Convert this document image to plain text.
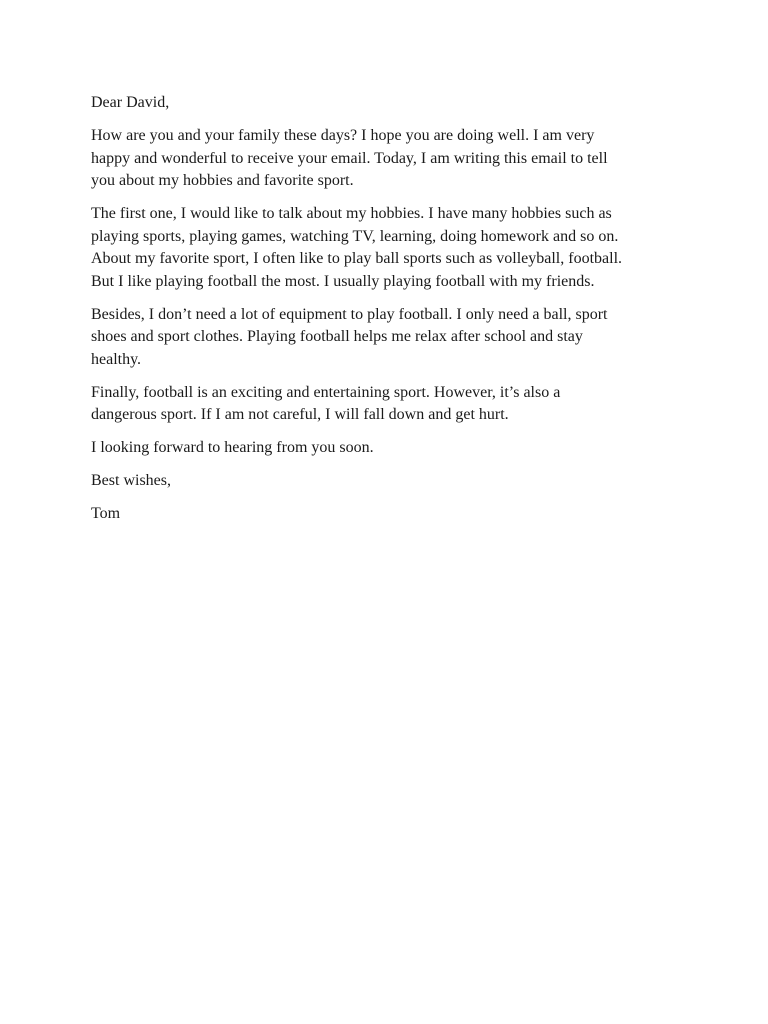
Dear David,

How are you and your family these days? I hope you are doing well. I am very
happy and wonderful to receive your email. Today, I am writing this email to tell
you about my hobbies and favorite sport.

The first one, I would like to talk about my hobbies. I have many hobbies such as
playing sports, playing games, watching TV, learning, doing homework and so on.
About my favorite sport, I often like to play ball sports such as volleyball, football.
But I like playing football the most. I usually playing football with my friends.

Besides, I don’t need a lot of equipment to play football. I only need a ball, sport
shoes and sport clothes. Playing football helps me relax after school and stay
healthy.

Finally, football is an exciting and entertaining sport. However, it’s also a
dangerous sport. If I am not careful, I will fall down and get hurt.

I looking forward to hearing from you soon.

Best wishes,

Tom
